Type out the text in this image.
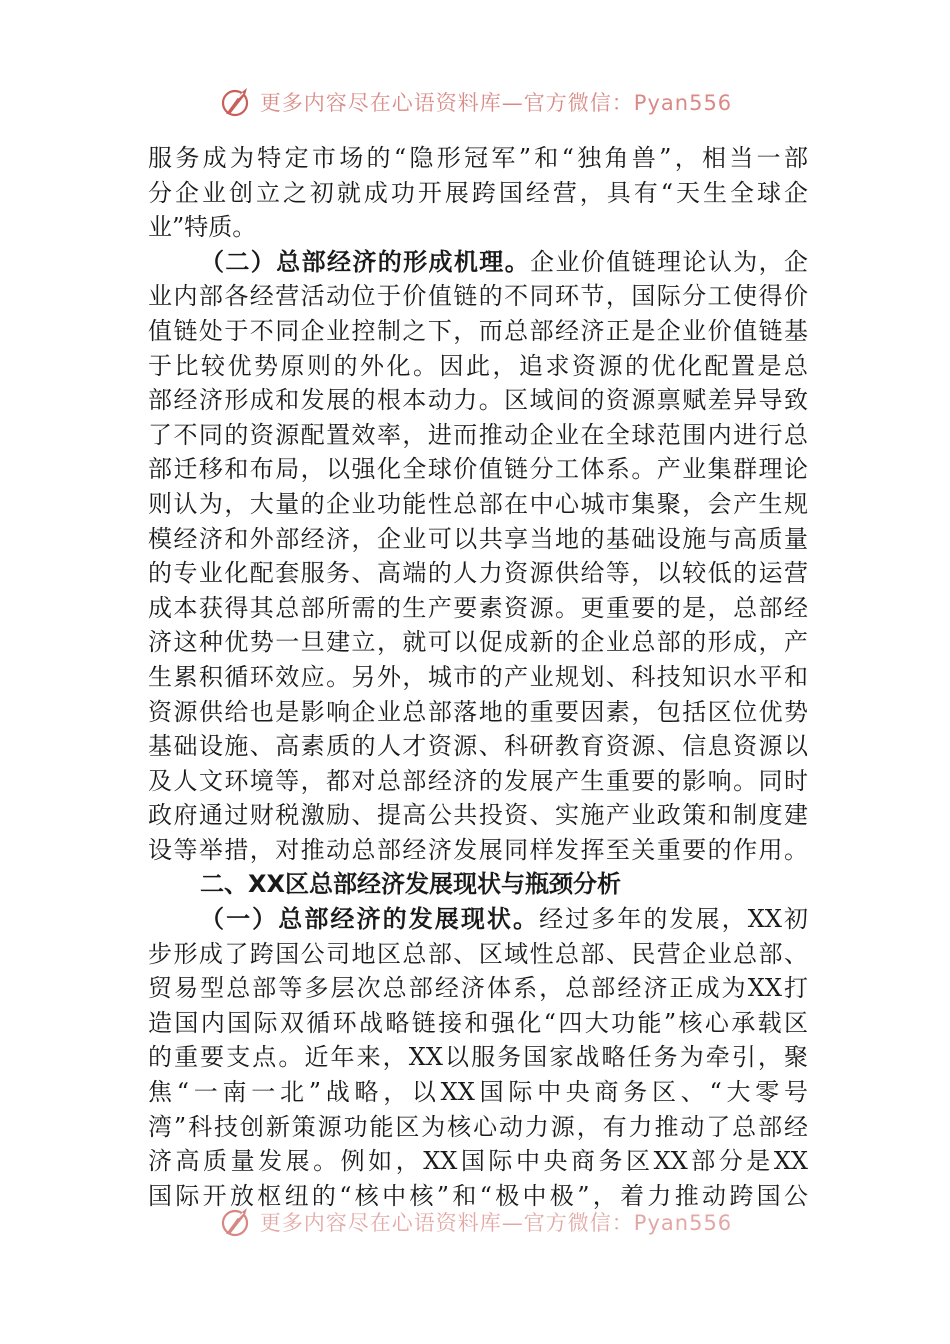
更多内容尽在心语资料库—官方微信：Pyan556
服务成为特定市场的“隐形冠军”和“独角兽”，相当一部
分企业创立之初就成功开展跨国经营，具有“天生全球企
业”特质。
（二）总部经济的形成机理。企业价值链理论认为，企
业内部各经营活动位于价值链的不同环节，国际分工使得价
值链处于不同企业控制之下，而总部经济正是企业价值链基
于比较优势原则的外化。因此，追求资源的优化配置是总
部经济形成和发展的根本动力。区域间的资源禀赋差异导致
了不同的资源配置效率，进而推动企业在全球范围内进行总
部迁移和布局，以强化全球价值链分工体系。产业集群理论
则认为，大量的企业功能性总部在中心城市集聚，会产生规
模经济和外部经济，企业可以共享当地的基础设施与高质量
的专业化配套服务、高端的人力资源供给等，以较低的运营
成本获得其总部所需的生产要素资源。更重要的是，总部经
济这种优势一旦建立，就可以促成新的企业总部的形成，产
生累积循环效应。另外，城市的产业规划、科技知识水平和
资源供给也是影响企业总部落地的重要因素，包括区位优势
基础设施、高素质的人才资源、科研教育资源、信息资源以
及人文环境等，都对总部经济的发展产生重要的影响。同时
政府通过财税激励、提高公共投资、实施产业政策和制度建
设等举措，对推动总部经济发展同样发挥至关重要的作用。
二、XX区总部经济发展现状与瓶颈分析
（一）总部经济的发展现状。经过多年的发展，XX初
步形成了跨国公司地区总部、区域性总部、民营企业总部、
贸易型总部等多层次总部经济体系，总部经济正成为XX打
造国内国际双循环战略链接和强化“四大功能”核心承载区
的重要支点。近年来，XX以服务国家战略任务为牵引，聚
焦“一南一北”战略，以XX国际中央商务区、“大零号
湾”科技创新策源功能区为核心动力源，有力推动了总部经
济高质量发展。例如，XX国际中央商务区XX部分是XX
国际开放枢纽的“核中核”和“极中极”，着力推动跨国公
更多内容尽在心语资料库—官方微信：Pyan556
